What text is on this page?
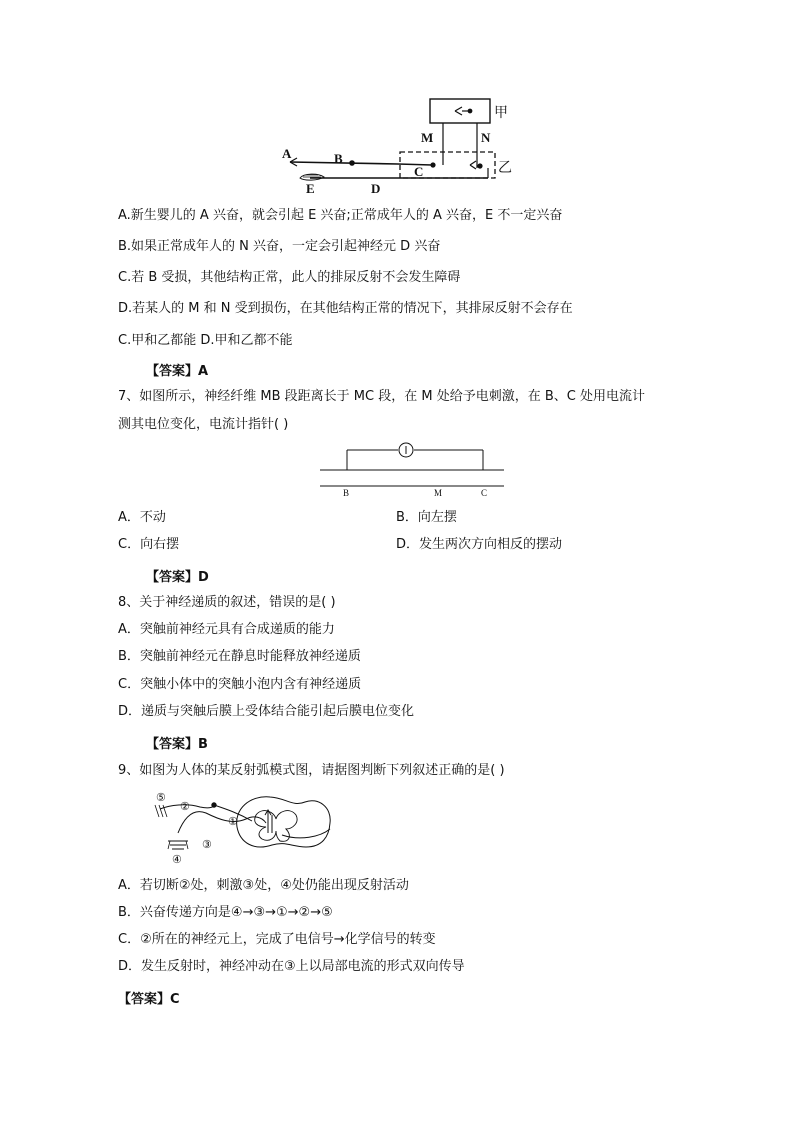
A	B
C
D
E
M	N
甲
乙
A.新生婴儿的 A 兴奋，就会引起 E 兴奋;正常成年人的 A 兴奋，E 不一定兴奋
B.如果正常成年人的 N 兴奋，一定会引起神经元 D 兴奋
C.若 B 受损，其他结构正常，此人的排尿反射不会发生障碍
D.若某人的 M 和 N 受到损伤，在其他结构正常的情况下，其排尿反射不会存在
C.甲和乙都能 D.甲和乙都不能
【答案】A
7、如图所示，神经纤维 MB 段距离长于 MC 段，在 M 处给予电刺激，在 B、C 处用电流计
测其电位变化，电流计指针( )
B	M	C
A．不动	B．向左摆
C．向右摆	D．发生两次方向相反的摆动
【答案】D
8、关于神经递质的叙述，错误的是( )
A．突触前神经元具有合成递质的能力
B．突触前神经元在静息时能释放神经递质
C．突触小体中的突触小泡内含有神经递质
D．递质与突触后膜上受体结合能引起后膜电位变化
【答案】B
9、如图为人体的某反射弧模式图，请据图判断下列叙述正确的是( )
⑤
②
①
③
④
A．若切断②处，刺激③处，④处仍能出现反射活动
B．兴奋传递方向是④→③→①→②→⑤
C．②所在的神经元上，完成了电信号→化学信号的转变
D．发生反射时，神经冲动在③上以局部电流的形式双向传导
【答案】C
